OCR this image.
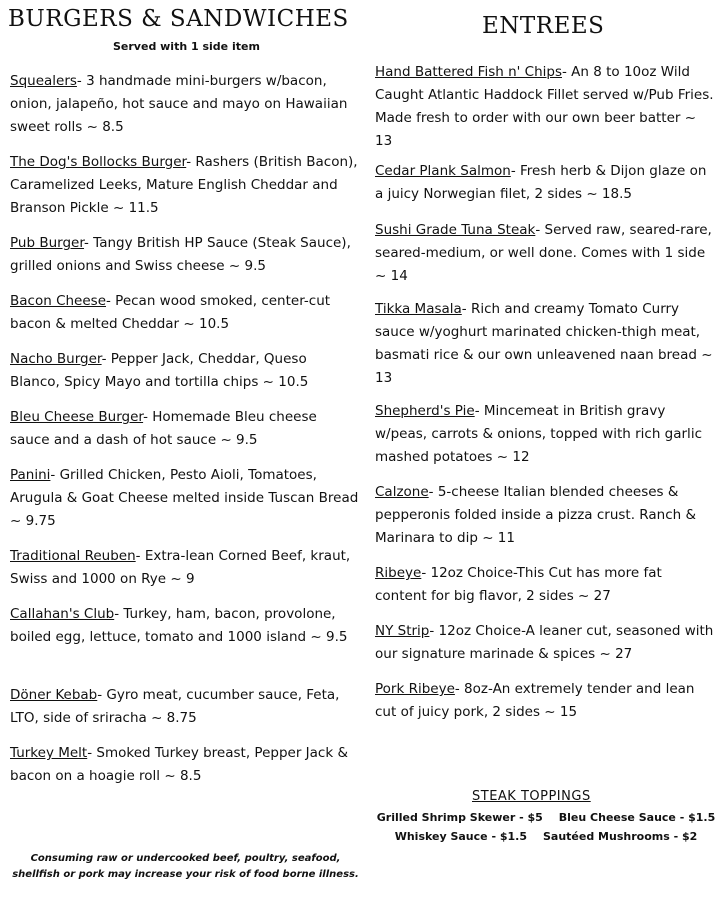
BURGERS & SANDWICHES
Served with 1 side item
Squealers- 3 handmade mini-burgers w/bacon, onion, jalapeño, hot sauce and mayo on Hawaiian sweet rolls ~ 8.5
The Dog's Bollocks Burger- Rashers (British Bacon), Caramelized Leeks, Mature English Cheddar and Branson Pickle ~ 11.5
Pub Burger- Tangy British HP Sauce (Steak Sauce), grilled onions and Swiss cheese ~ 9.5
Bacon Cheese- Pecan wood smoked, center-cut bacon & melted Cheddar ~ 10.5
Nacho Burger- Pepper Jack, Cheddar, Queso Blanco, Spicy Mayo and tortilla chips ~ 10.5
Bleu Cheese Burger- Homemade Bleu cheese sauce and a dash of hot sauce ~ 9.5
Panini- Grilled Chicken, Pesto Aioli, Tomatoes, Arugula & Goat Cheese melted inside Tuscan Bread ~ 9.75
Traditional Reuben- Extra-lean Corned Beef, kraut, Swiss and 1000 on Rye ~ 9
Callahan's Club- Turkey, ham, bacon, provolone, boiled egg, lettuce, tomato and 1000 island ~ 9.5
Döner Kebab- Gyro meat, cucumber sauce, Feta, LTO, side of sriracha ~ 8.75
Turkey Melt- Smoked Turkey breast, Pepper Jack & bacon on a hoagie roll ~ 8.5
Consuming raw or undercooked beef, poultry, seafood, shellfish or pork may increase your risk of food borne illness.
ENTREES
Hand Battered Fish n' Chips- An 8 to 10oz Wild Caught Atlantic Haddock Fillet served w/Pub Fries. Made fresh to order with our own beer batter ~ 13
Cedar Plank Salmon- Fresh herb & Dijon glaze on a juicy Norwegian filet, 2 sides ~ 18.5
Sushi Grade Tuna Steak- Served raw, seared-rare, seared-medium, or well done. Comes with 1 side ~ 14
Tikka Masala- Rich and creamy Tomato Curry sauce w/yoghurt marinated chicken-thigh meat, basmati rice & our own unleavened naan bread ~ 13
Shepherd's Pie- Mincemeat in British gravy w/peas, carrots & onions, topped with rich garlic mashed potatoes ~ 12
Calzone- 5-cheese Italian blended cheeses & pepperonis folded inside a pizza crust. Ranch & Marinara to dip ~ 11
Ribeye- 12oz Choice-This Cut has more fat content for big flavor, 2 sides ~ 27
NY Strip- 12oz Choice-A leaner cut, seasoned with our signature marinade & spices ~ 27
Pork Ribeye- 8oz-An extremely tender and lean cut of juicy pork, 2 sides ~ 15
STEAK TOPPINGS
Grilled Shrimp Skewer - $5 Bleu Cheese Sauce - $1.5
Whiskey Sauce - $1.5 Sautéed Mushrooms - $2
